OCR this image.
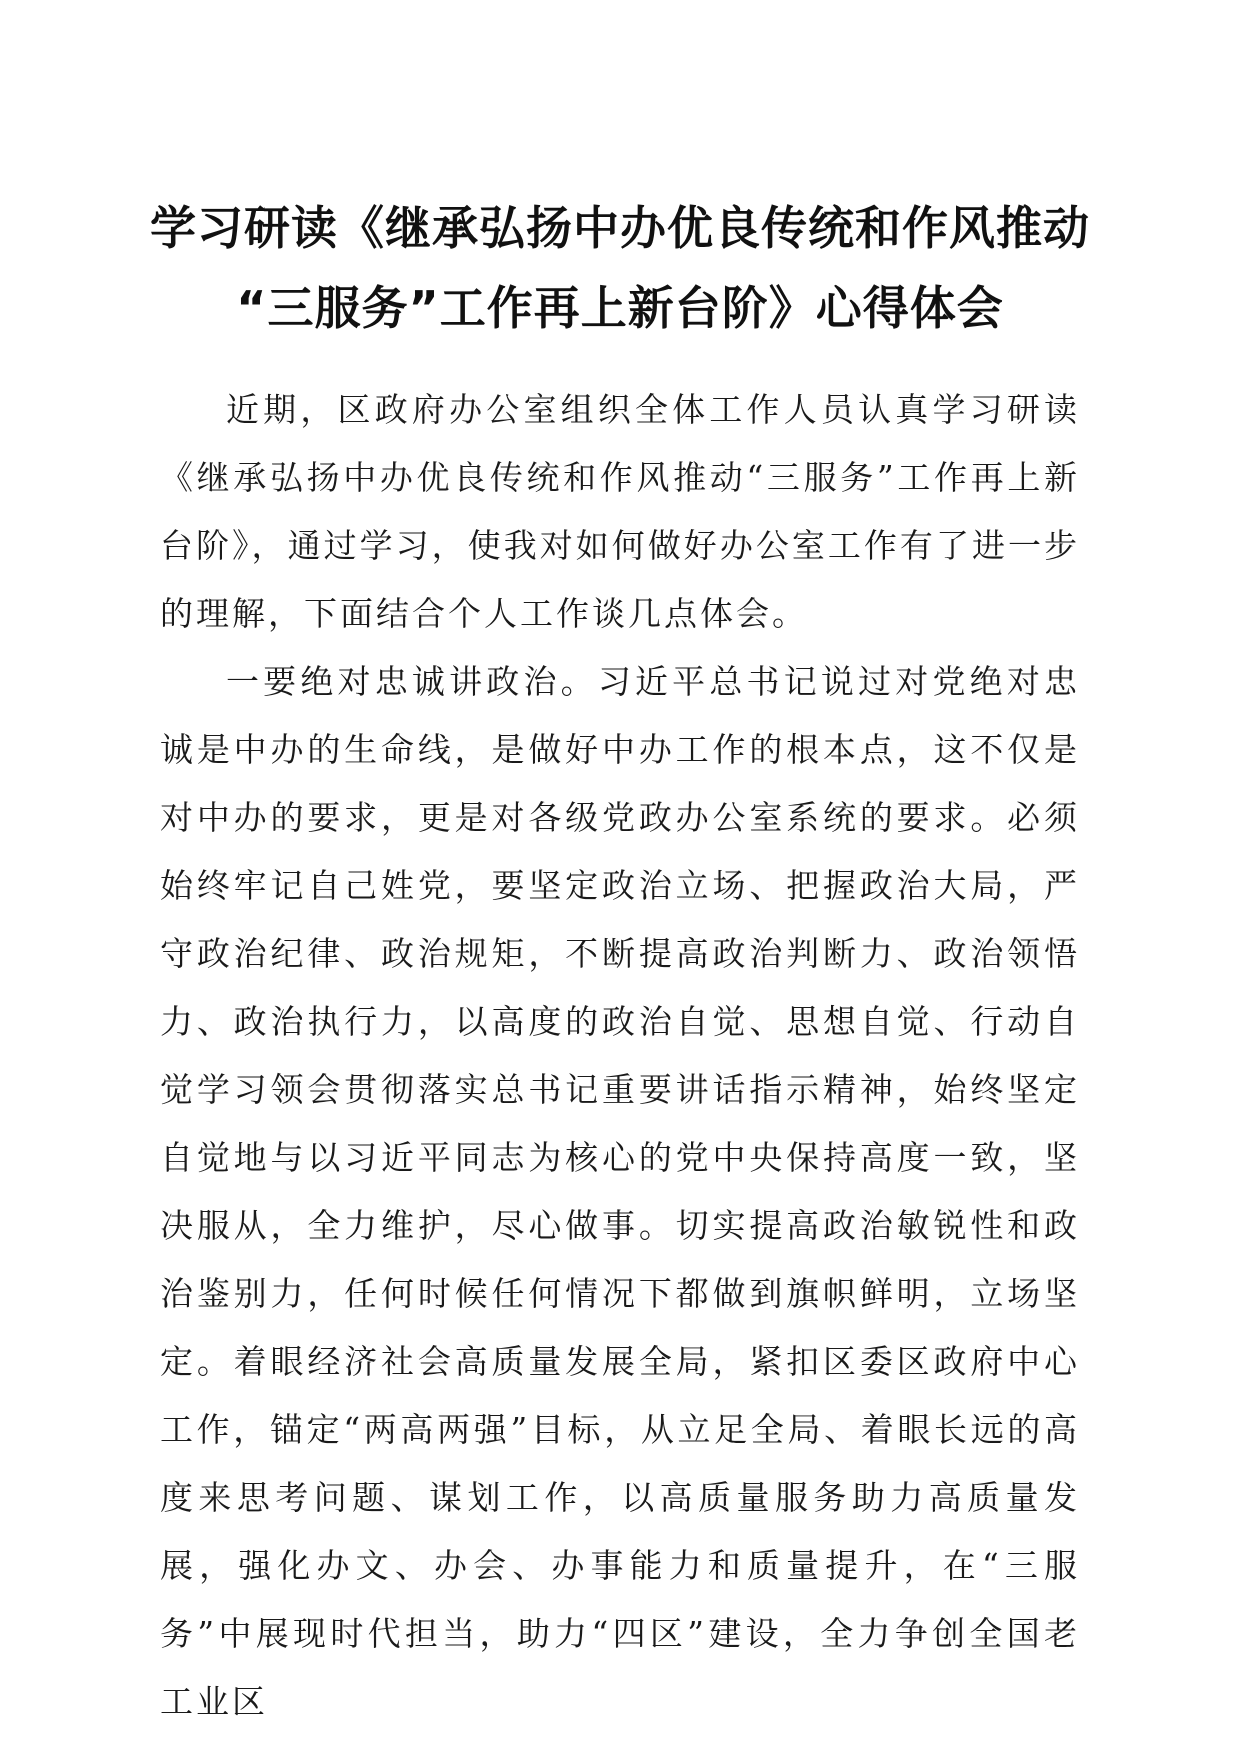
学习研读《继承弘扬中办优良传统和作风推动
“三服务”工作再上新台阶》心得体会

近期，区政府办公室组织全体工作人员认真学习研读《继承弘扬中办优良传统和作风推动“三服务”工作再上新台阶》，通过学习，使我对如何做好办公室工作有了进一步的理解，下面结合个人工作谈几点体会。

一要绝对忠诚讲政治。习近平总书记说过对党绝对忠诚是中办的生命线，是做好中办工作的根本点，这不仅是对中办的要求，更是对各级党政办公室系统的要求。必须始终牢记自己姓党，要坚定政治立场、把握政治大局，严守政治纪律、政治规矩，不断提高政治判断力、政治领悟力、政治执行力，以高度的政治自觉、思想自觉、行动自觉学习领会贯彻落实总书记重要讲话指示精神，始终坚定自觉地与以习近平同志为核心的党中央保持高度一致，坚决服从，全力维护，尽心做事。切实提高政治敏锐性和政治鉴别力，任何时候任何情况下都做到旗帜鲜明，立场坚定。着眼经济社会高质量发展全局，紧扣区委区政府中心工作，锚定“两高两强”目标，从立足全局、着眼长远的高度来思考问题、谋划工作，以高质量服务助力高质量发展，强化办文、办会、办事能力和质量提升，在“三服务”中展现时代担当，助力“四区”建设，全力争创全国老工业区
